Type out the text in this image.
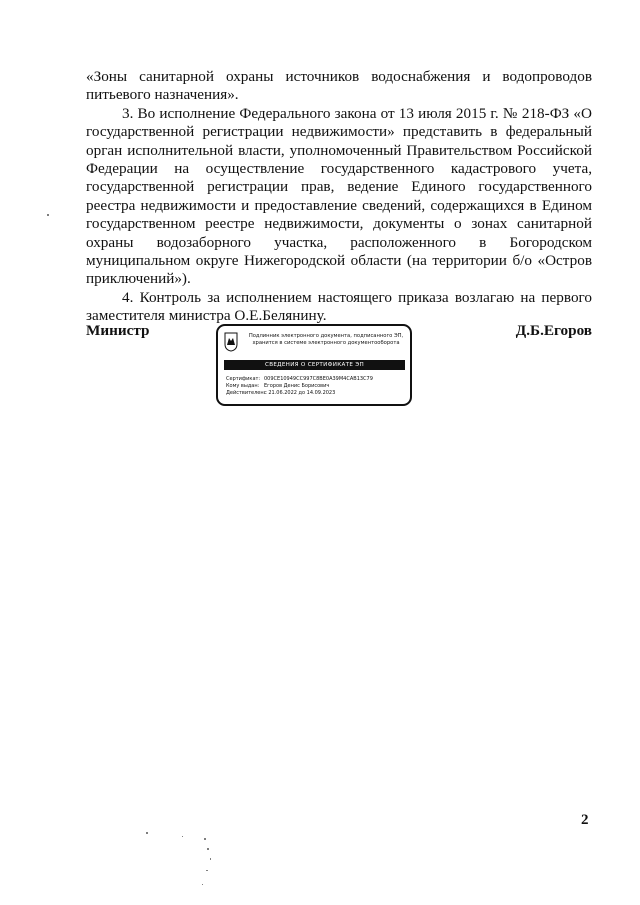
«Зоны санитарной охраны источников водоснабжения и водопроводов питьевого назначения».

3. Во исполнение Федерального закона от 13 июля 2015 г. № 218-ФЗ «О государственной регистрации недвижимости» представить в федеральный орган исполнительной власти, уполномоченный Правительством Российской Федерации на осуществление государственного кадастрового учета, государственной регистрации прав, ведение Единого государственного реестра недвижимости и предоставление сведений, содержащихся в Едином государственном реестре недвижимости, документы о зонах санитарной охраны водозаборного участка, расположенного в Богородском муниципальном округе Нижегородской области (на территории б/о «Остров приключений»).

4. Контроль за исполнением настоящего приказа возлагаю на первого заместителя министра О.Е.Белянину.

Министр	Подлинник электронного документа, подписанного ЭП,
хранится в системе электронного документооборота
СВЕДЕНИЯ О СЕРТИФИКАТЕ ЭП
Сертификат: 009CE10949CC997C8BE0A39M4CAB13C79
Кому выдан: Егоров Денис Борисович
Действителен:
с 21.06.2022 до 14.09.2023
Д.Б.Егоров
2
